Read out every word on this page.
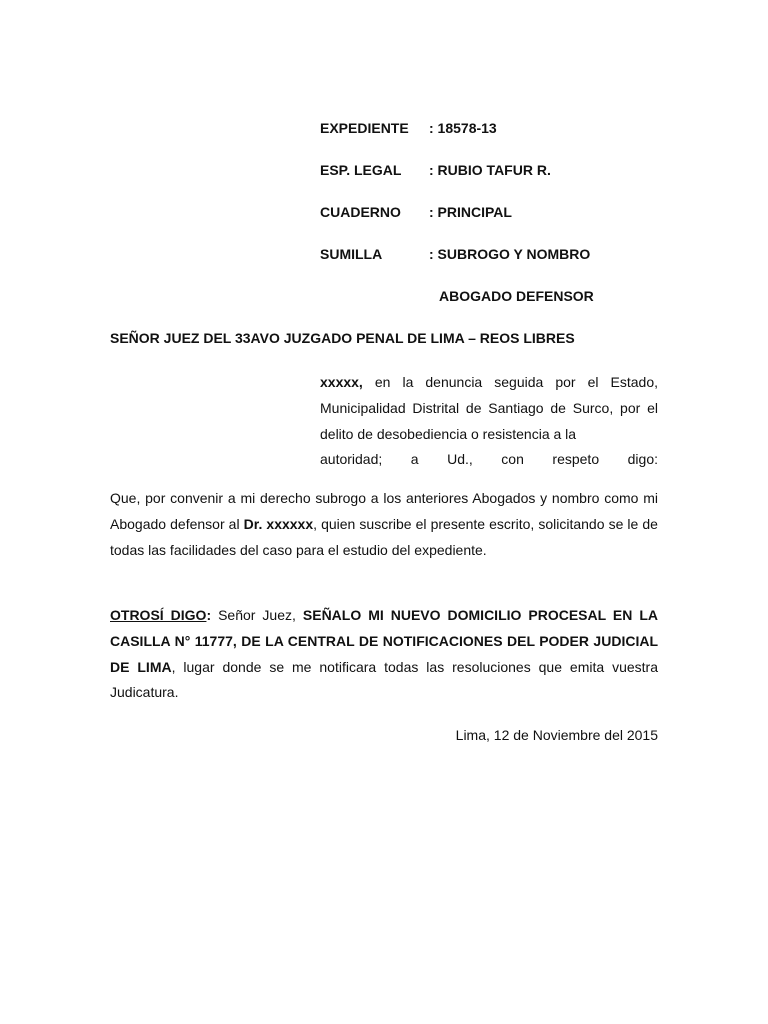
EXPEDIENTE : 18578-13
ESP. LEGAL : RUBIO TAFUR R.
CUADERNO : PRINCIPAL
SUMILLA	: SUBROGO Y NOMBRO
ABOGADO DEFENSOR
SEÑOR JUEZ DEL 33AVO JUZGADO PENAL DE LIMA – REOS LIBRES
xxxxx, en la denuncia seguida por el Estado, Municipalidad Distrital de Santiago de Surco, por el delito de desobediencia o resistencia a la
autoridad; a Ud., con respeto digo:
Que, por convenir a mi derecho subrogo a los anteriores Abogados y nombro como mi Abogado defensor al Dr. xxxxxx, quien suscribe el presente escrito, solicitando se le de todas las facilidades del caso para el estudio del expediente.
OTROSÍ DIGO: Señor Juez, SEÑALO MI NUEVO DOMICILIO PROCESAL EN LA CASILLA N° 11777, DE LA CENTRAL DE NOTIFICACIONES DEL PODER JUDICIAL DE LIMA, lugar donde se me notificara todas las resoluciones que emita vuestra Judicatura.
Lima, 12 de Noviembre del 2015
